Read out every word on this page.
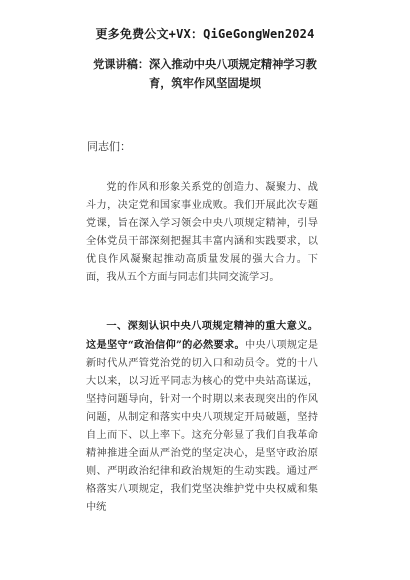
更多免费公文+VX：QiGeGongWen2024
党课讲稿：深入推动中央八项规定精神学习教育，筑牢作风坚固堤坝
同志们：
党的作风和形象关系党的创造力、凝聚力、战斗力，决定党和国家事业成败。我们开展此次专题党课，旨在深入学习领会中央八项规定精神，引导全体党员干部深刻把握其丰富内涵和实践要求，以优良作风凝聚起推动高质量发展的强大合力。下面，我从五个方面与同志们共同交流学习。
一、深刻认识中央八项规定精神的重大意义。这是坚守“政治信仰”的必然要求。中央八项规定是新时代从严管党治党的切入口和动员令。党的十八大以来，以习近平同志为核心的党中央站高谋远，坚持问题导向，针对一个时期以来表现突出的作风问题，从制定和落实中央八项规定开局破题，坚持自上而下、以上率下。这充分彰显了我们自我革命精神推进全面从严治党的坚定决心，是坚守政治原则、严明政治纪律和政治规矩的生动实践。通过严格落实八项规定，我们党坚决维护党中央权威和集中统
